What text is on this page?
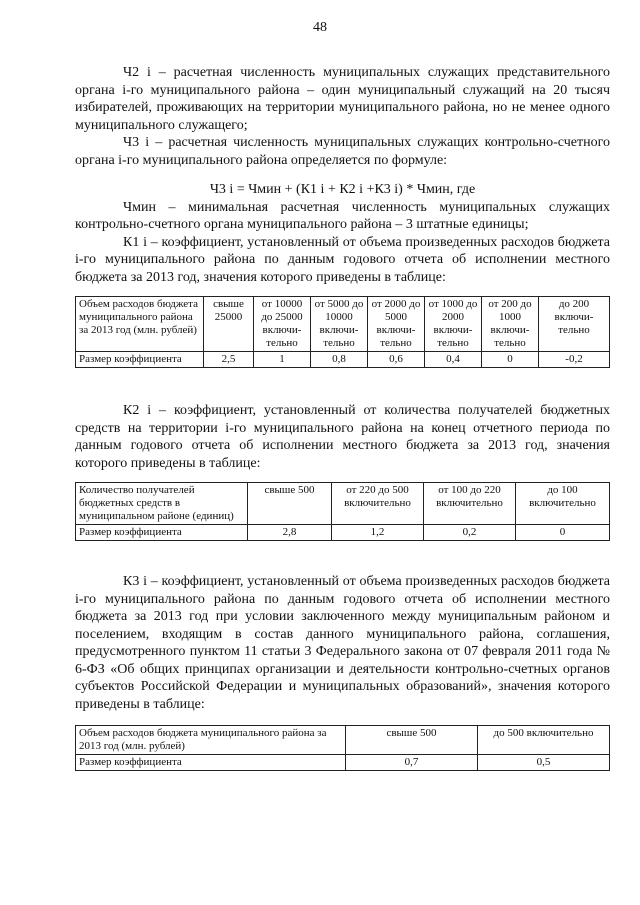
48

Ч2 i – расчетная численность муниципальных служащих представительного органа i-го муниципального района – один муниципальный служащий на 20 тысяч избирателей, проживающих на территории муниципального района, но не менее одного муниципального служащего;

Ч3 i – расчетная численность муниципальных служащих контрольно-счетного органа i-го муниципального района определяется по формуле:

Ч3 i = Чмин + (К1 i + К2 i +К3 i) * Чмин, где

Чмин – минимальная расчетная численность муниципальных служащих контрольно-счетного органа муниципального района – 3 штатные единицы;

К1 i – коэффициент, установленный от объема произведенных расходов бюджета i-го муниципального района по данным годового отчета об исполнении местного бюджета за 2013 год, значения которого приведены в таблице:

Объем расходов бюджета муниципального района за 2013 год (млн. рублей)	свыше 25000	от 10000 до 25000 включи-тельно	от 5000 до 10000 включи-тельно	от 2000 до 5000 включи-тельно	от 1000 до 2000 включи-тельно	от 200 до 1000 включи-тельно	до 200 включи-тельно
Размер коэффициента	2,5	1	0,8	0,6	0,4	0	-0,2

К2 i – коэффициент, установленный от количества получателей бюджетных средств на территории i-го муниципального района на конец отчетного периода по данным годового отчета об исполнении местного бюджета за 2013 год, значения которого приведены в таблице:

Количество получателей бюджетных средств в муниципальном районе (единиц)	свыше 500	от 220 до 500 включительно	от 100 до 220 включительно	до 100 включительно
Размер коэффициента	2,8	1,2	0,2	0

К3 i – коэффициент, установленный от объема произведенных расходов бюджета i-го муниципального района по данным годового отчета об исполнении местного бюджета за 2013 год при условии заключенного между муниципальным районом и поселением, входящим в состав данного муниципального района, соглашения, предусмотренного пунктом 11 статьи 3 Федерального закона от 07 февраля 2011 года № 6-ФЗ «Об общих принципах организации и деятельности контрольно-счетных органов субъектов Российской Федерации и муниципальных образований», значения которого приведены в таблице:

Объем расходов бюджета муниципального района за 2013 год (млн. рублей)	свыше 500	до 500 включительно
Размер коэффициента	0,7	0,5
